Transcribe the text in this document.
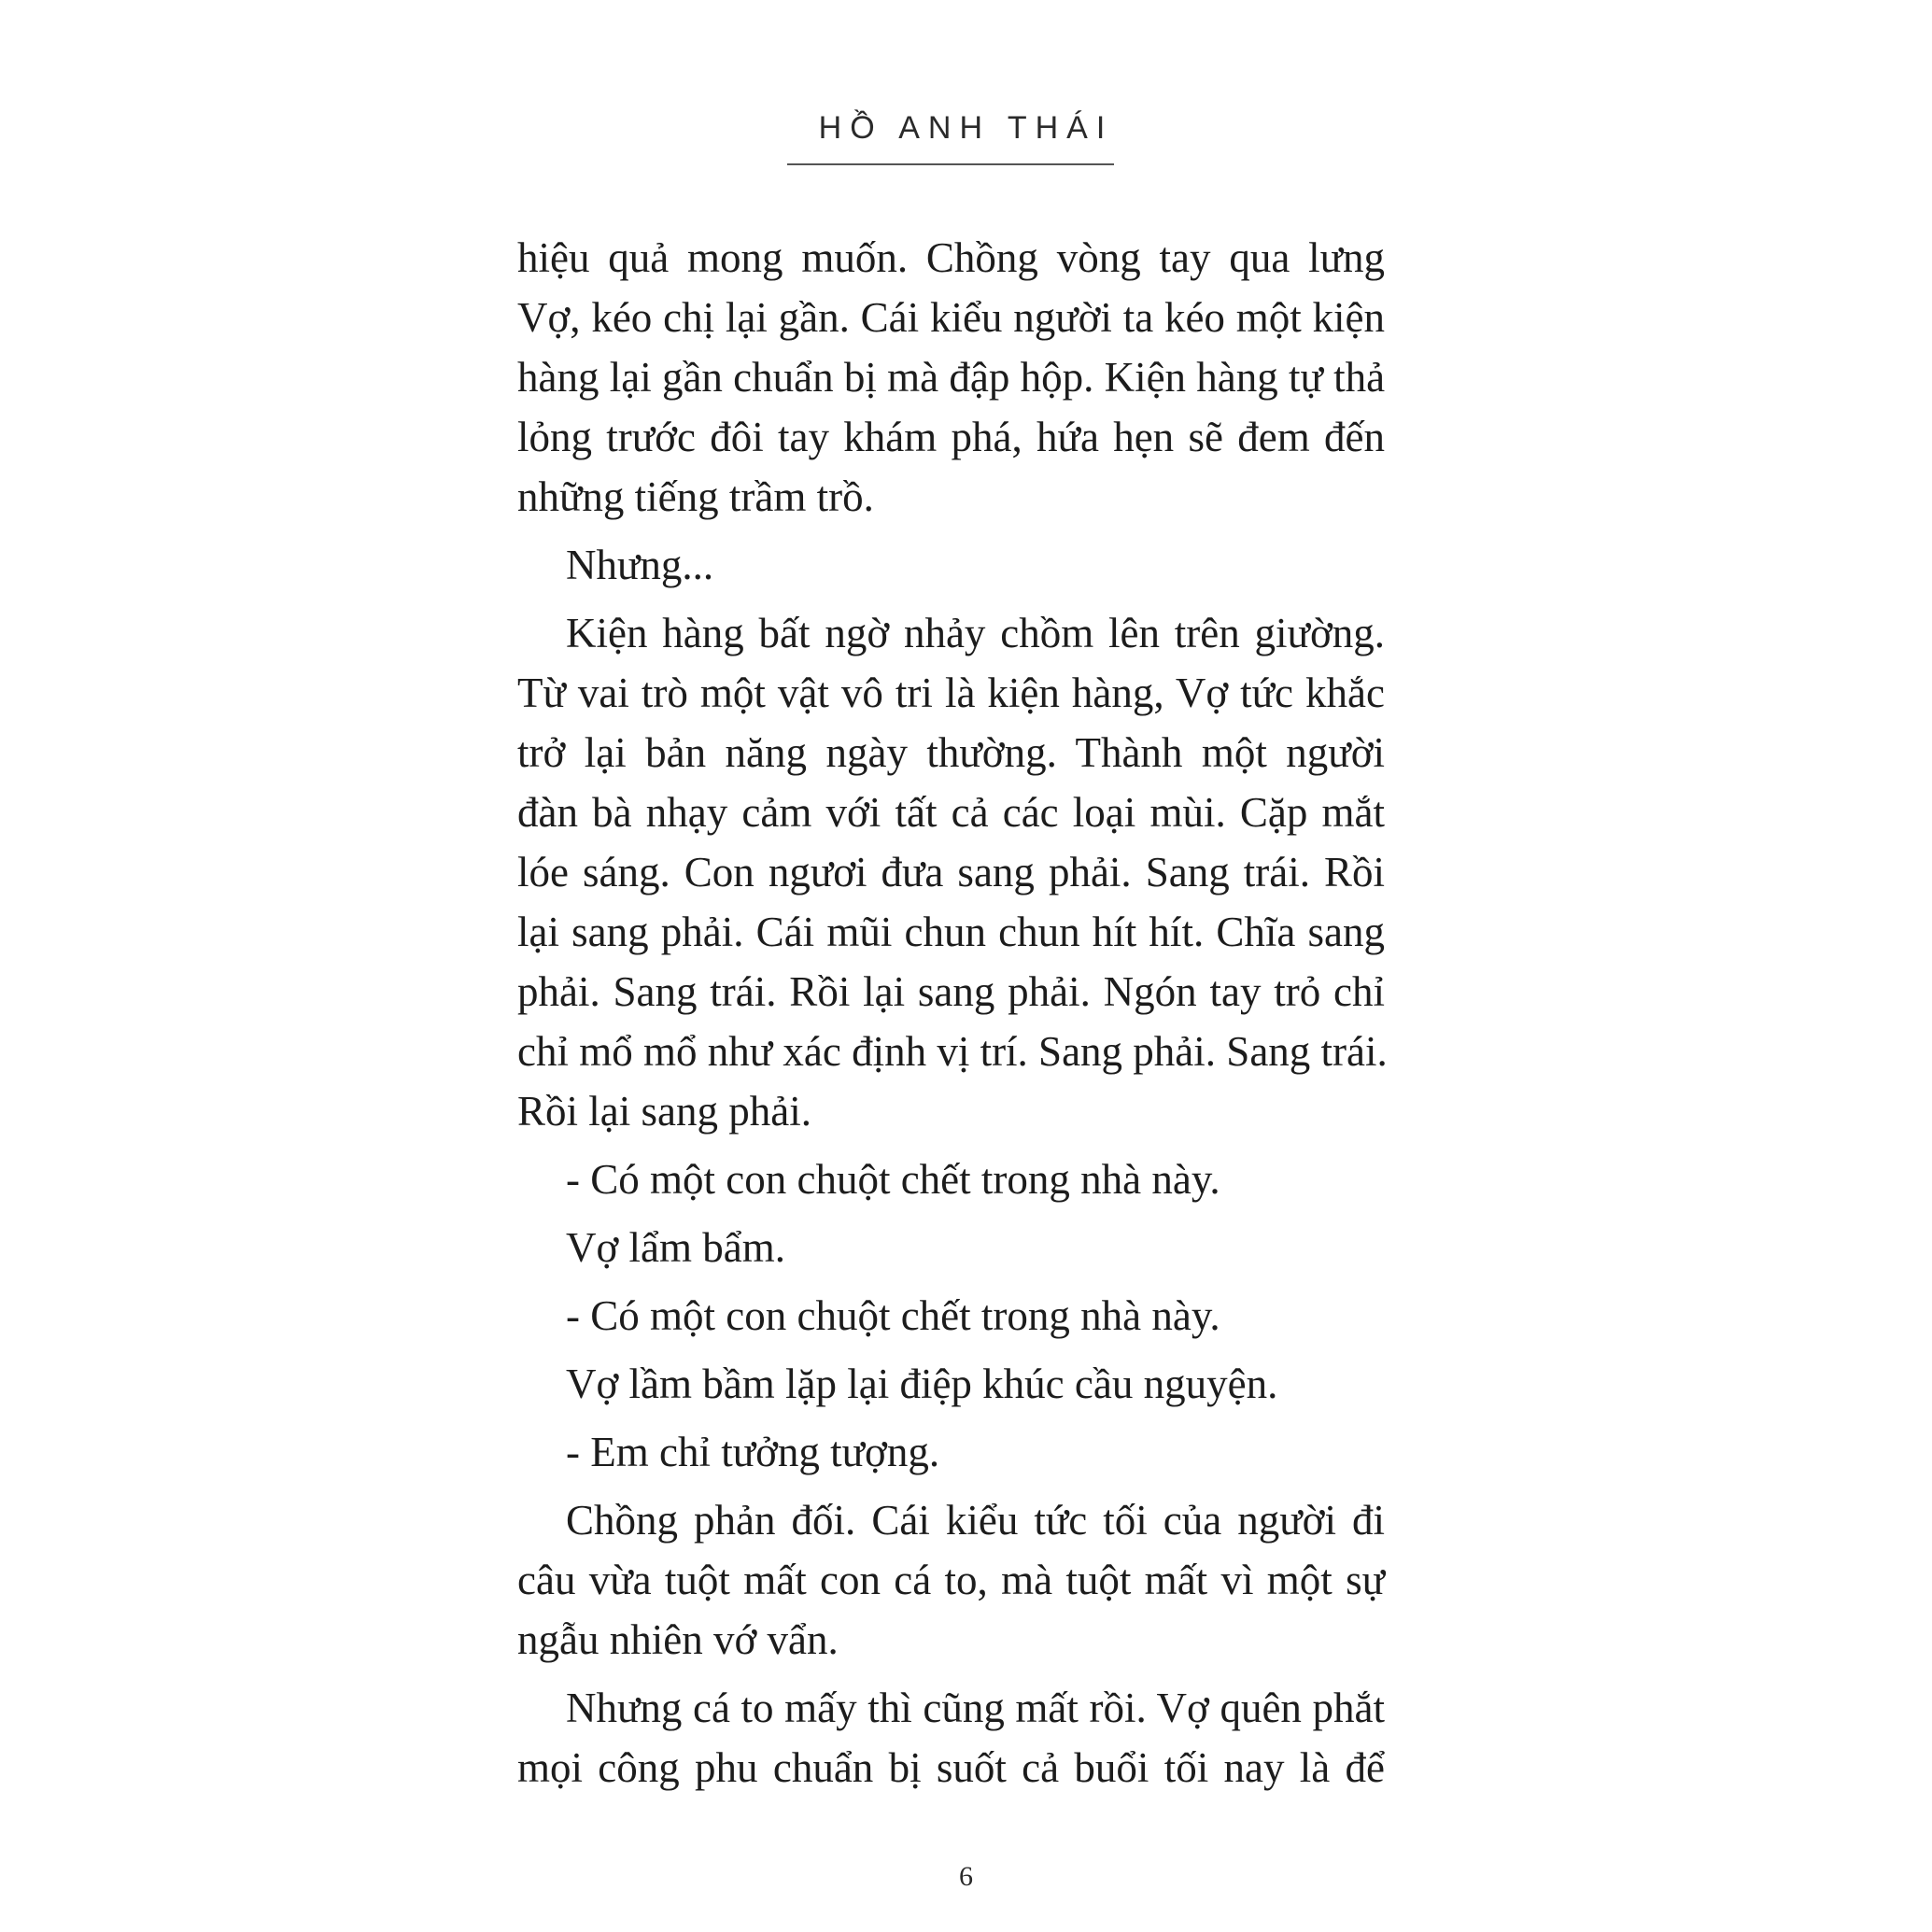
HỒ ANH THÁI
hiệu quả mong muốn. Chồng vòng tay qua lưng
Vợ, kéo chị lại gần. Cái kiểu người ta kéo một kiện
hàng lại gần chuẩn bị mà đập hộp. Kiện hàng tự thả
lỏng trước đôi tay khám phá, hứa hẹn sẽ đem đến
những tiếng trầm trồ.
Nhưng...
Kiện hàng bất ngờ nhảy chồm lên trên giường.
Từ vai trò một vật vô tri là kiện hàng, Vợ tức khắc
trở lại bản năng ngày thường. Thành một người
đàn bà nhạy cảm với tất cả các loại mùi. Cặp mắt
lóe sáng. Con ngươi đưa sang phải. Sang trái. Rồi
lại sang phải. Cái mũi chun chun hít hít. Chĩa sang
phải. Sang trái. Rồi lại sang phải. Ngón tay trỏ chỉ
chỉ mổ mổ như xác định vị trí. Sang phải. Sang trái.
Rồi lại sang phải.
- Có một con chuột chết trong nhà này.
Vợ lẩm bẩm.
- Có một con chuột chết trong nhà này.
Vợ lầm bầm lặp lại điệp khúc cầu nguyện.
- Em chỉ tưởng tượng.
Chồng phản đối. Cái kiểu tức tối của người đi
câu vừa tuột mất con cá to, mà tuột mất vì một sự
ngẫu nhiên vớ vẩn.
Nhưng cá to mấy thì cũng mất rồi. Vợ quên phắt
mọi công phu chuẩn bị suốt cả buổi tối nay là để
6
